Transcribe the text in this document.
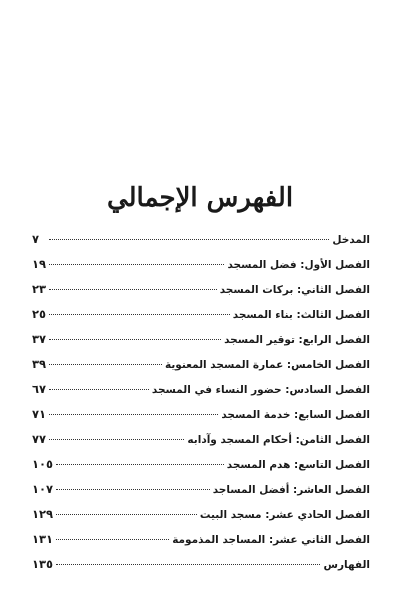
الفهرس الإجمالي
المدخل
٧
الفصل الأول: فضل المسجد
١٩
الفصل الثاني: بركات المسجد
٢٣
الفصل الثالث: بناء المسجد
٢٥
الفصل الرابع: توقير المسجد
٣٧
الفصل الخامس: عمارة المسجد المعنوية
٣٩
الفصل السادس: حضور النساء في المسجد
٦٧
الفصل السابع: خدمة المسجد
٧١
الفصل الثامن: أحكام المسجد وآدابه
٧٧
الفصل التاسع: هدم المسجد
١٠٥
الفصل العاشر: أفضل المساجد
١٠٧
الفصل الحادي عشر: مسجد البيت
١٢٩
الفصل الثاني عشر: المساجد المذمومة
١٣١
الفهارس
١٣٥
